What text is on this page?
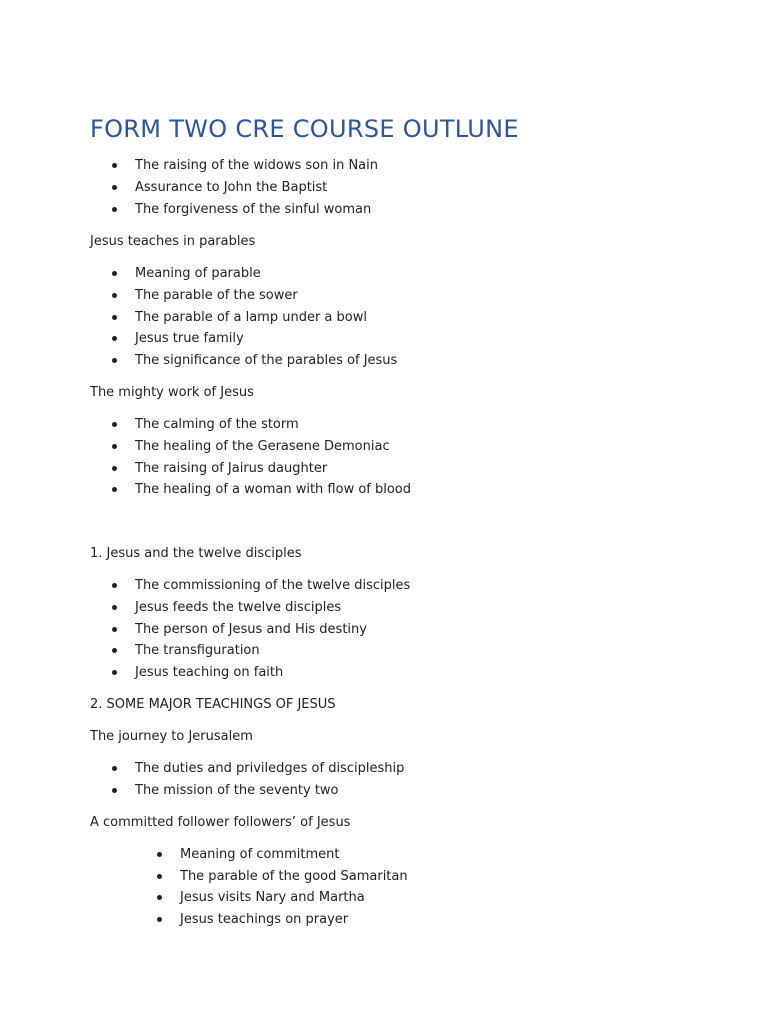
FORM TWO CRE COURSE OUTLUNE
The raising of the widows son in Nain
Assurance to John the Baptist
The forgiveness of the sinful woman
Jesus teaches in parables
Meaning of parable
The parable of the sower
The parable of a lamp under a bowl
Jesus true family
The significance of the parables of Jesus
The mighty work of Jesus
The calming of the storm
The healing of the Gerasene Demoniac
The raising of Jairus daughter
The healing of a woman with flow of blood
1. Jesus and the twelve disciples
The commissioning of the twelve disciples
Jesus feeds the twelve disciples
The person of Jesus and His destiny
The transfiguration
Jesus teaching on faith
2. SOME MAJOR TEACHINGS OF JESUS
The journey to Jerusalem
The duties and priviledges of discipleship
The mission of the seventy two
A committed follower followers’ of Jesus
Meaning of commitment
The parable of the good Samaritan
Jesus visits Nary and Martha
Jesus teachings on prayer
